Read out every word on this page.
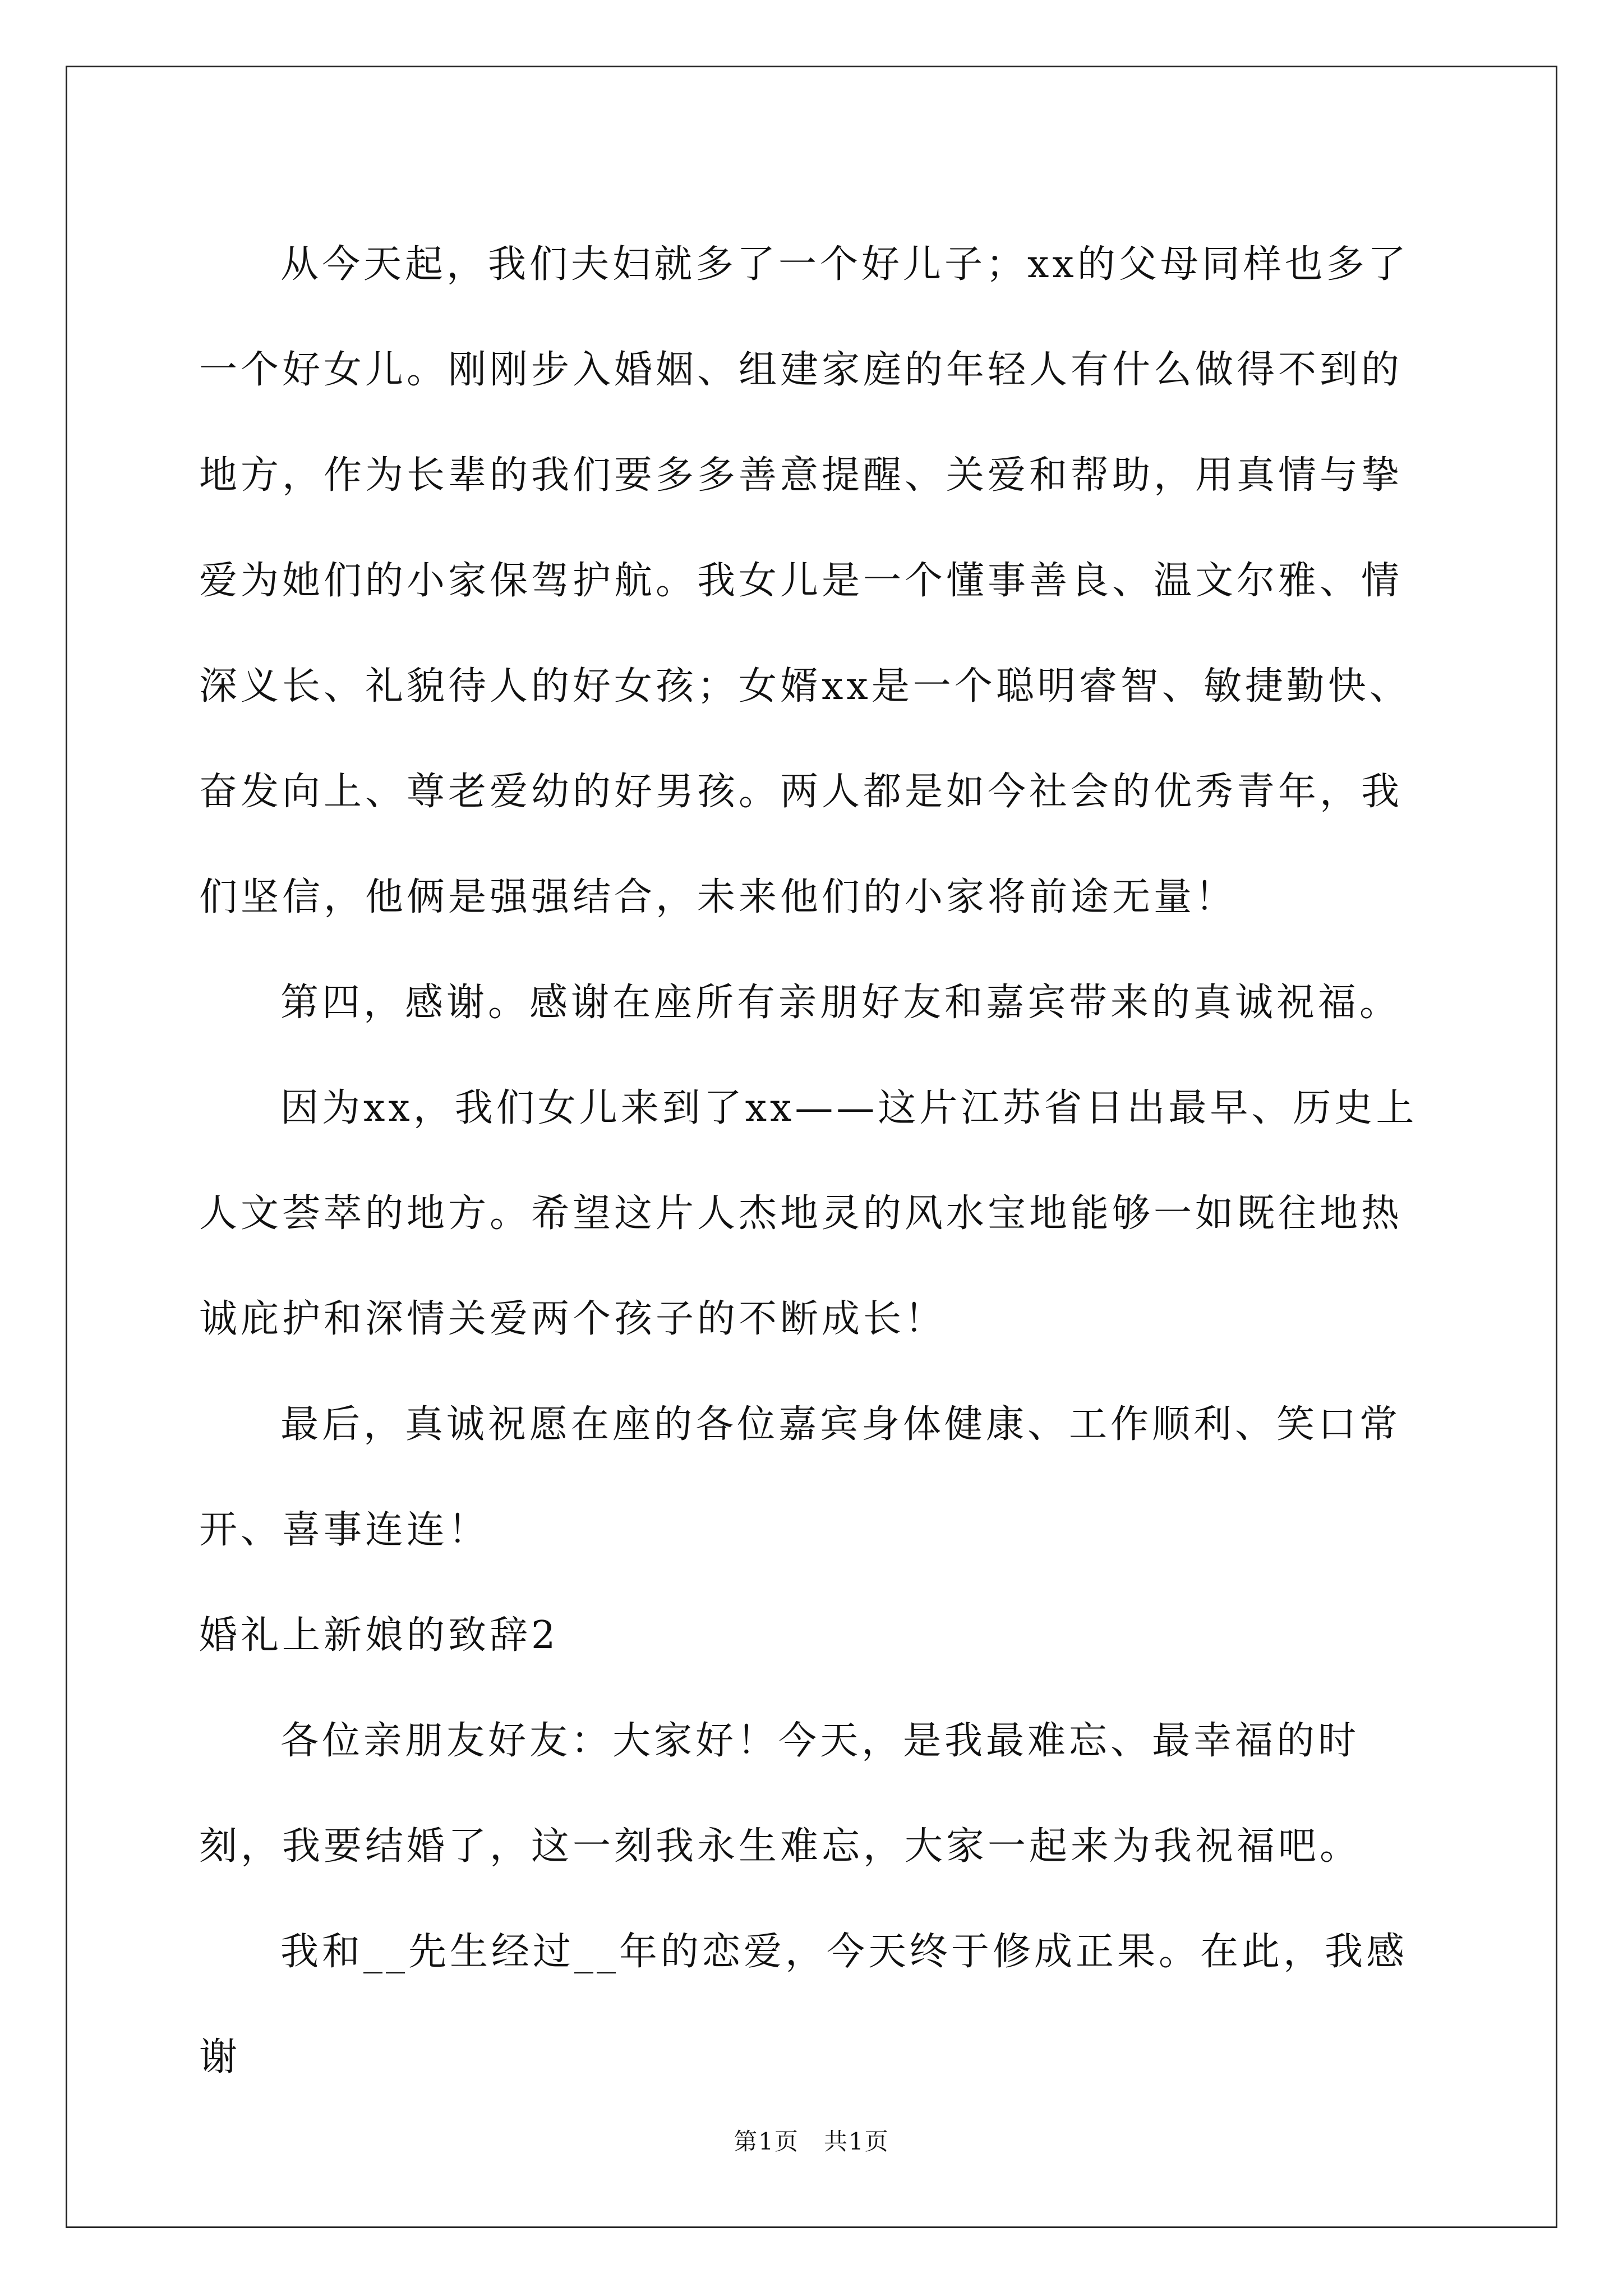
从今天起，我们夫妇就多了一个好儿子；xx的父母同样也多了一个好女儿。刚刚步入婚姻、组建家庭的年轻人有什么做得不到的地方，作为长辈的我们要多多善意提醒、关爱和帮助，用真情与挚爱为她们的小家保驾护航。我女儿是一个懂事善良、温文尔雅、情深义长、礼貌待人的好女孩；女婿xx是一个聪明睿智、敏捷勤快、奋发向上、尊老爱幼的好男孩。两人都是如今社会的优秀青年，我们坚信，他俩是强强结合，未来他们的小家将前途无量！

第四，感谢。感谢在座所有亲朋好友和嘉宾带来的真诚祝福。

因为xx，我们女儿来到了xx——这片江苏省日出最早、历史上人文荟萃的地方。希望这片人杰地灵的风水宝地能够一如既往地热诚庇护和深情关爱两个孩子的不断成长！

最后，真诚祝愿在座的各位嘉宾身体健康、工作顺利、笑口常开、喜事连连！

婚礼上新娘的致辞2

各位亲朋友好友：大家好！今天，是我最难忘、最幸福的时刻，我要结婚了，这一刻我永生难忘，大家一起来为我祝福吧。

我和__先生经过__年的恋爱，今天终于修成正果。在此，我感谢

第1页　共1页
